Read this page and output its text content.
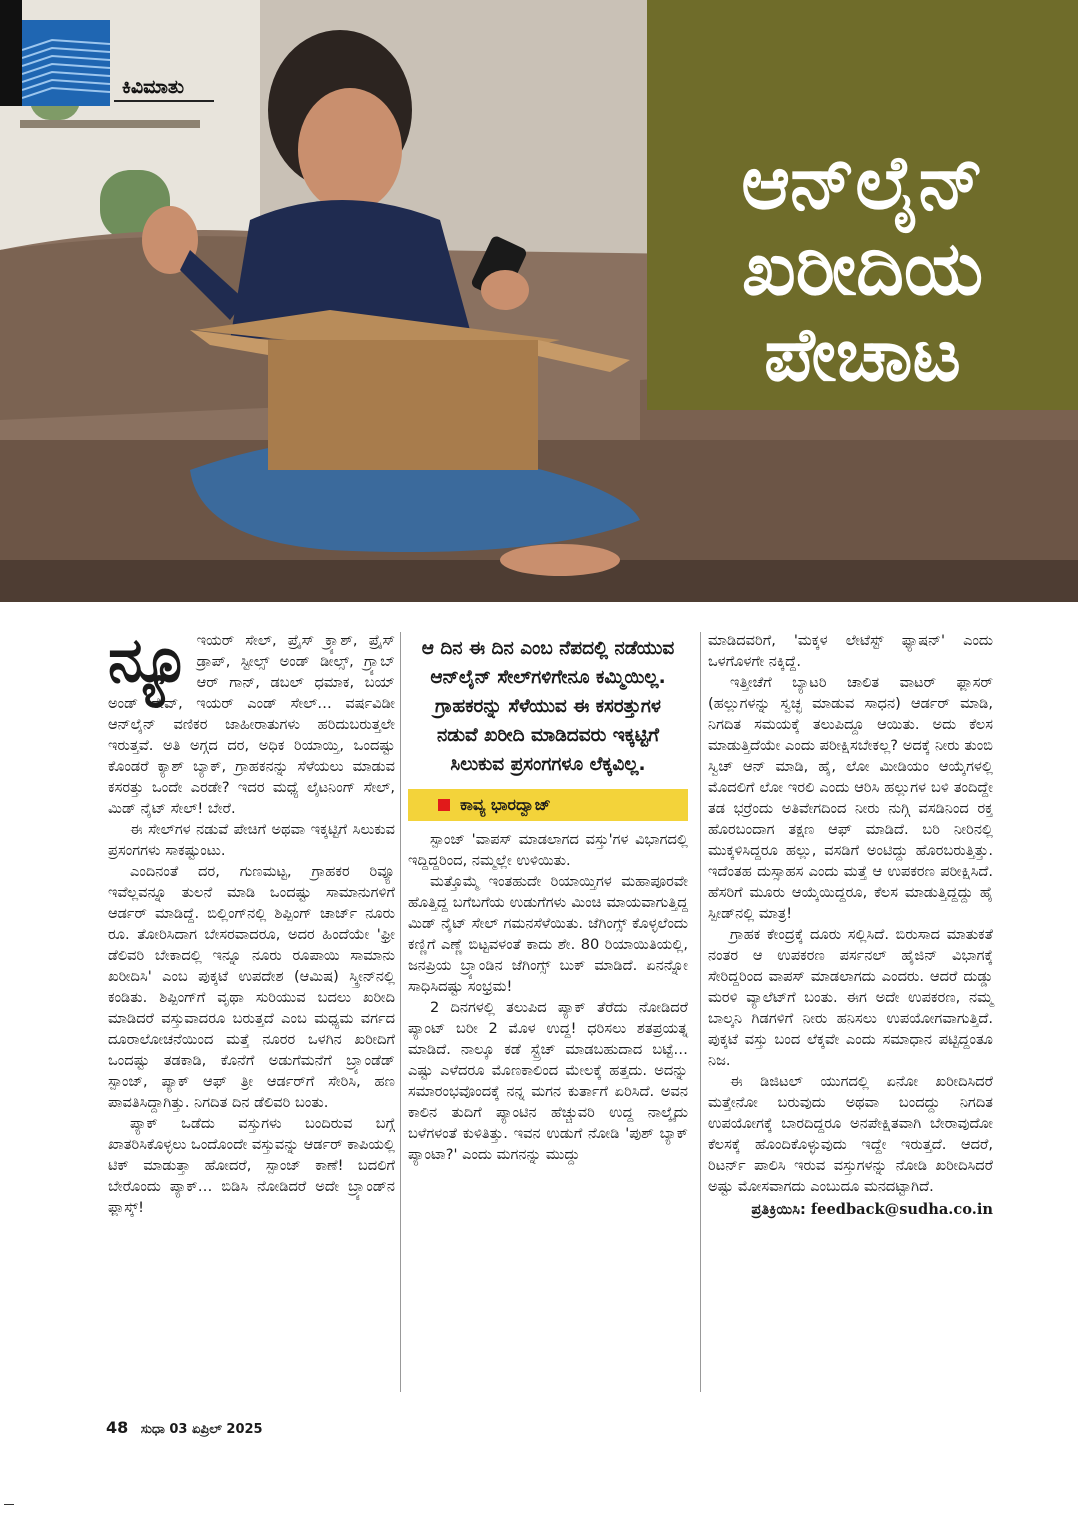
ಕಿವಿಮಾತು
ಆನ್‌ಲೈನ್
ಖರೀದಿಯ
ಪೇಚಾಟ

ನ್ಯೂ ಇಯರ್ ಸೇಲ್, ಪ್ರೈಸ್ ಕ್ರ್ಯಾಶ್, ಪ್ರೈಸ್ ಡ್ರಾಪ್, ಸ್ಟೀಲ್ಸ್ ಅಂಡ್ ಡೀಲ್ಸ್, ಗ್ರ್ಯಾಬ್ ಆರ್ ಗಾನ್, ಡಬಲ್ ಧಮಾಕ, ಬಯ್ ಅಂಡ್ ಸೇವ್, ಇಯರ್ ಎಂಡ್ ಸೇಲ್… ವರ್ಷವಿಡೀ ಆನ್‌ಲೈನ್ ವಣಿಕರ ಜಾಹೀರಾತುಗಳು ಹರಿದುಬರುತ್ತಲೇ ಇರುತ್ತವೆ. ಅತಿ ಅಗ್ಗದ ದರ, ಅಧಿಕ ರಿಯಾಯ್ತಿ, ಒಂದಷ್ಟು ಕೊಂಡರೆ ಕ್ಯಾಶ್ ಬ್ಯಾಕ್, ಗ್ರಾಹಕನನ್ನು ಸೆಳೆಯಲು ಮಾಡುವ ಕಸರತ್ತು ಒಂದೇ ಎರಡೇ? ಇದರ ಮಧ್ಯೆ ಲೈಟನಿಂಗ್ ಸೇಲ್, ಮಿಡ್ ನೈಟ್ ಸೇಲ್! ಬೇರೆ.

ಈ ಸೇಲ್‌ಗಳ ನಡುವೆ ಪೇಚಿಗೆ ಅಥವಾ ಇಕ್ಕಟ್ಟಿಗೆ ಸಿಲುಕುವ ಪ್ರಸಂಗಗಳು ಸಾಕಷ್ಟುಂಟು.

ಎಂದಿನಂತೆ ದರ, ಗುಣಮಟ್ಟ, ಗ್ರಾಹಕರ ರಿವ್ಯೂ ಇವೆಲ್ಲವನ್ನೂ ತುಲನೆ ಮಾಡಿ ಒಂದಷ್ಟು ಸಾಮಾನುಗಳಿಗೆ ಆರ್ಡರ್ ಮಾಡಿದ್ದೆ. ಬಿಲ್ಲಿಂಗ್‌ನಲ್ಲಿ ಶಿಪ್ಪಿಂಗ್ ಚಾರ್ಜ್ ನೂರು ರೂ. ತೋರಿಸಿದಾಗ ಬೇಸರವಾದರೂ, ಅದರ ಹಿಂದೆಯೇ 'ಫ್ರೀ ಡೆಲಿವರಿ ಬೇಕಾದಲ್ಲಿ ಇನ್ನೂ ನೂರು ರೂಪಾಯಿ ಸಾಮಾನು ಖರೀದಿಸಿ' ಎಂಬ ಪುಕ್ಕಟೆ ಉಪದೇಶ (ಆಮಿಷ) ಸ್ಕ್ರೀನ್‌ನಲ್ಲಿ ಕಂಡಿತು. ಶಿಪ್ಪಿಂಗ್‌ಗೆ ವೃಥಾ ಸುರಿಯುವ ಬದಲು ಖರೀದಿ ಮಾಡಿದರೆ ವಸ್ತುವಾದರೂ ಬರುತ್ತದೆ ಎಂಬ ಮಧ್ಯಮ ವರ್ಗದ ದೂರಾಲೋಚನೆಯಿಂದ ಮತ್ತೆ ನೂರರ ಒಳಗಿನ ಖರೀದಿಗೆ ಒಂದಷ್ಟು ತಡಕಾಡಿ, ಕೊನೆಗೆ ಅಡುಗೆಮನೆಗೆ ಬ್ರ್ಯಾಂಡೆಡ್ ಸ್ಪಾಂಜ್, ಪ್ಯಾಕ್ ಆಫ್ ತ್ರೀ ಆರ್ಡರ್‌ಗೆ ಸೇರಿಸಿ, ಹಣ ಪಾವತಿಸಿದ್ದಾಗಿತ್ತು. ನಿಗದಿತ ದಿನ ಡೆಲಿವರಿ ಬಂತು.

ಪ್ಯಾಕ್ ಒಡೆದು ವಸ್ತುಗಳು ಬಂದಿರುವ ಬಗ್ಗೆ ಖಾತರಿಸಿಕೊಳ್ಳಲು ಒಂದೊಂದೇ ವಸ್ತುವನ್ನು ಆರ್ಡರ್ ಕಾಪಿಯಲ್ಲಿ ಟಿಕ್ ಮಾಡುತ್ತಾ ಹೋದರೆ, ಸ್ಪಾಂಜ್ ಕಾಣೆ! ಬದಲಿಗೆ ಬೇರೊಂದು ಪ್ಯಾಕ್… ಬಿಡಿಸಿ ನೋಡಿದರೆ ಅದೇ ಬ್ರ್ಯಾಂಡ್‌ನ ಫ್ಲಾಸ್ಕ್!

ಆ ದಿನ ಈ ದಿನ ಎಂಬ ನೆಪದಲ್ಲಿ ನಡೆಯುವ ಆನ್‌ಲೈನ್ ಸೇಲ್‌ಗಳಿಗೇನೂ ಕಮ್ಮಿಯಿಲ್ಲ. ಗ್ರಾಹಕರನ್ನು ಸೆಳೆಯುವ ಈ ಕಸರತ್ತುಗಳ ನಡುವೆ ಖರೀದಿ ಮಾಡಿದವರು ಇಕ್ಕಟ್ಟಿಗೆ ಸಿಲುಕುವ ಪ್ರಸಂಗಗಳೂ ಲೆಕ್ಕವಿಲ್ಲ.
ಕಾವ್ಯ ಭಾರದ್ವಾಜ್

ಸ್ಪಾಂಜ್ 'ವಾಪಸ್ ಮಾಡಲಾಗದ ವಸ್ತು'ಗಳ ವಿಭಾಗದಲ್ಲಿ ಇದ್ದಿದ್ದರಿಂದ, ನಮ್ಮಲ್ಲೇ ಉಳಿಯಿತು.

ಮತ್ತೊಮ್ಮೆ ಇಂತಹುದೇ ರಿಯಾಯ್ತಿಗಳ ಮಹಾಪೂರವೇ ಹೊತ್ತಿದ್ದ ಬಗೆಬಗೆಯ ಉಡುಗೆಗಳು ಮಿಂಚಿ ಮಾಯವಾಗುತ್ತಿದ್ದ ಮಿಡ್ ನೈಟ್ ಸೇಲ್ ಗಮನಸೆಳೆಯಿತು. ಜೆಗಿಂಗ್ಸ್ ಕೊಳ್ಳಲೆಂದು ಕಣ್ಣಿಗೆ ಎಣ್ಣೆ ಬಿಟ್ಟವಳಂತೆ ಕಾದು ಶೇ. 80 ರಿಯಾಯಿತಿಯಲ್ಲಿ, ಜನಪ್ರಿಯ ಬ್ರ್ಯಾಂಡಿನ ಜೆಗಿಂಗ್ಸ್ ಬುಕ್ ಮಾಡಿದೆ. ಏನನ್ನೋ ಸಾಧಿಸಿದಷ್ಟು ಸಂಭ್ರಮ!

2 ದಿನಗಳಲ್ಲಿ ತಲುಪಿದ ಪ್ಯಾಕ್ ತೆರೆದು ನೋಡಿದರೆ ಪ್ಯಾಂಟ್ ಬರೀ 2 ಮೊಳ ಉದ್ದ! ಧರಿಸಲು ಶತಪ್ರಯತ್ನ ಮಾಡಿದೆ. ನಾಲ್ಕೂ ಕಡೆ ಸ್ಟ್ರೆಚ್ ಮಾಡಬಹುದಾದ ಬಟ್ಟೆ… ಎಷ್ಟು ಎಳೆದರೂ ಮೊಣಕಾಲಿಂದ ಮೇಲಕ್ಕೆ ಹತ್ತದು. ಅದನ್ನು ಸಮಾರಂಭವೊಂದಕ್ಕೆ ನನ್ನ ಮಗನ ಕುರ್ತಾಗೆ ಏರಿಸಿದೆ. ಅವನ ಕಾಲಿನ ತುದಿಗೆ ಪ್ಯಾಂಟಿನ ಹೆಚ್ಚುವರಿ ಉದ್ದ ನಾಲ್ಕೈದು ಬಳೆಗಳಂತೆ ಕುಳಿತಿತ್ತು. ಇವನ ಉಡುಗೆ ನೋಡಿ 'ಪುಶ್ ಬ್ಯಾಕ್ ಪ್ಯಾಂಟಾ?' ಎಂದು ಮಗನನ್ನು ಮುದ್ದು

ಮಾಡಿದವರಿಗೆ, 'ಮಕ್ಕಳ ಲೇಟೆಸ್ಟ್ ಫ್ಯಾಷನ್' ಎಂದು ಒಳಗೊಳಗೇ ನಕ್ಕಿದ್ದೆ.

ಇತ್ತೀಚೆಗೆ ಬ್ಯಾಟರಿ ಚಾಲಿತ ವಾಟರ್ ಫ್ಲಾಸರ್ (ಹಲ್ಲುಗಳನ್ನು ಸ್ವಚ್ಛ ಮಾಡುವ ಸಾಧನ) ಆರ್ಡರ್ ಮಾಡಿ, ನಿಗದಿತ ಸಮಯಕ್ಕೆ ತಲುಪಿದ್ದೂ ಆಯಿತು. ಅದು ಕೆಲಸ ಮಾಡುತ್ತಿದೆಯೇ ಎಂದು ಪರೀಕ್ಷಿಸಬೇಕಲ್ಲ? ಅದಕ್ಕೆ ನೀರು ತುಂಬಿ ಸ್ವಿಚ್ ಆನ್ ಮಾಡಿ, ಹೈ, ಲೋ ಮೀಡಿಯಂ ಆಯ್ಕೆಗಳಲ್ಲಿ ಮೊದಲಿಗೆ ಲೋ ಇರಲಿ ಎಂದು ಆರಿಸಿ ಹಲ್ಲುಗಳ ಬಳಿ ತಂದಿದ್ದೇ ತಡ ಭರ್‍ರೆಂದು ಅತಿವೇಗದಿಂದ ನೀರು ನುಗ್ಗಿ ವಸಡಿನಿಂದ ರಕ್ತ ಹೊರಬಂದಾಗ ತಕ್ಷಣ ಆಫ್ ಮಾಡಿದೆ. ಬರಿ ನೀರಿನಲ್ಲಿ ಮುಕ್ಕಳಿಸಿದ್ದರೂ ಹಲ್ಲು, ವಸಡಿಗೆ ಅಂಟಿದ್ದು ಹೊರಬರುತ್ತಿತ್ತು. ಇದೆಂತಹ ದುಸ್ಸಾಹಸ ಎಂದು ಮತ್ತೆ ಆ ಉಪಕರಣ ಪರೀಕ್ಷಿಸಿದೆ. ಹೆಸರಿಗೆ ಮೂರು ಆಯ್ಕೆಯಿದ್ದರೂ, ಕೆಲಸ ಮಾಡುತ್ತಿದ್ದದ್ದು ಹೈ ಸ್ಪೀಡ್‌ನಲ್ಲಿ ಮಾತ್ರ!

ಗ್ರಾಹಕ ಕೇಂದ್ರಕ್ಕೆ ದೂರು ಸಲ್ಲಿಸಿದೆ. ಬಿರುಸಾದ ಮಾತುಕತೆ ನಂತರ ಆ ಉಪಕರಣ ಪರ್ಸನಲ್ ಹೈಜಿನ್ ವಿಭಾಗಕ್ಕೆ ಸೇರಿದ್ದರಿಂದ ವಾಪಸ್ ಮಾಡಲಾಗದು ಎಂದರು. ಆದರೆ ದುಡ್ಡು ಮರಳಿ ವ್ಯಾಲೆಟ್‌ಗೆ ಬಂತು. ಈಗ ಅದೇ ಉಪಕರಣ, ನಮ್ಮ ಬಾಲ್ಕನಿ ಗಿಡಗಳಿಗೆ ನೀರು ಹನಿಸಲು ಉಪಯೋಗವಾಗುತ್ತಿದೆ. ಪುಕ್ಕಟೆ ವಸ್ತು ಬಂದ ಲೆಕ್ಕವೇ ಎಂದು ಸಮಾಧಾನ ಪಟ್ಟಿದ್ದಂತೂ ನಿಜ.

ಈ ಡಿಜಿಟಲ್ ಯುಗದಲ್ಲಿ ಏನೋ ಖರೀದಿಸಿದರೆ ಮತ್ತೇನೋ ಬರುವುದು ಅಥವಾ ಬಂದದ್ದು ನಿಗದಿತ ಉಪಯೋಗಕ್ಕೆ ಬಾರದಿದ್ದರೂ ಅನಪೇಕ್ಷಿತವಾಗಿ ಬೇರಾವುದೋ ಕೆಲಸಕ್ಕೆ ಹೊಂದಿಕೊಳ್ಳುವುದು ಇದ್ದೇ ಇರುತ್ತದೆ. ಆದರೆ, ರಿಟರ್ನ್ ಪಾಲಿಸಿ ಇರುವ ವಸ್ತುಗಳನ್ನು ನೋಡಿ ಖರೀದಿಸಿದರೆ ಅಷ್ಟು ಮೋಸವಾಗದು ಎಂಬುದೂ ಮನದಟ್ಟಾಗಿದೆ.

ಪ್ರತಿಕ್ರಿಯಿಸಿ: feedback@sudha.co.in
48 ಸುಧಾ 03 ಏಪ್ರಿಲ್ 2025
